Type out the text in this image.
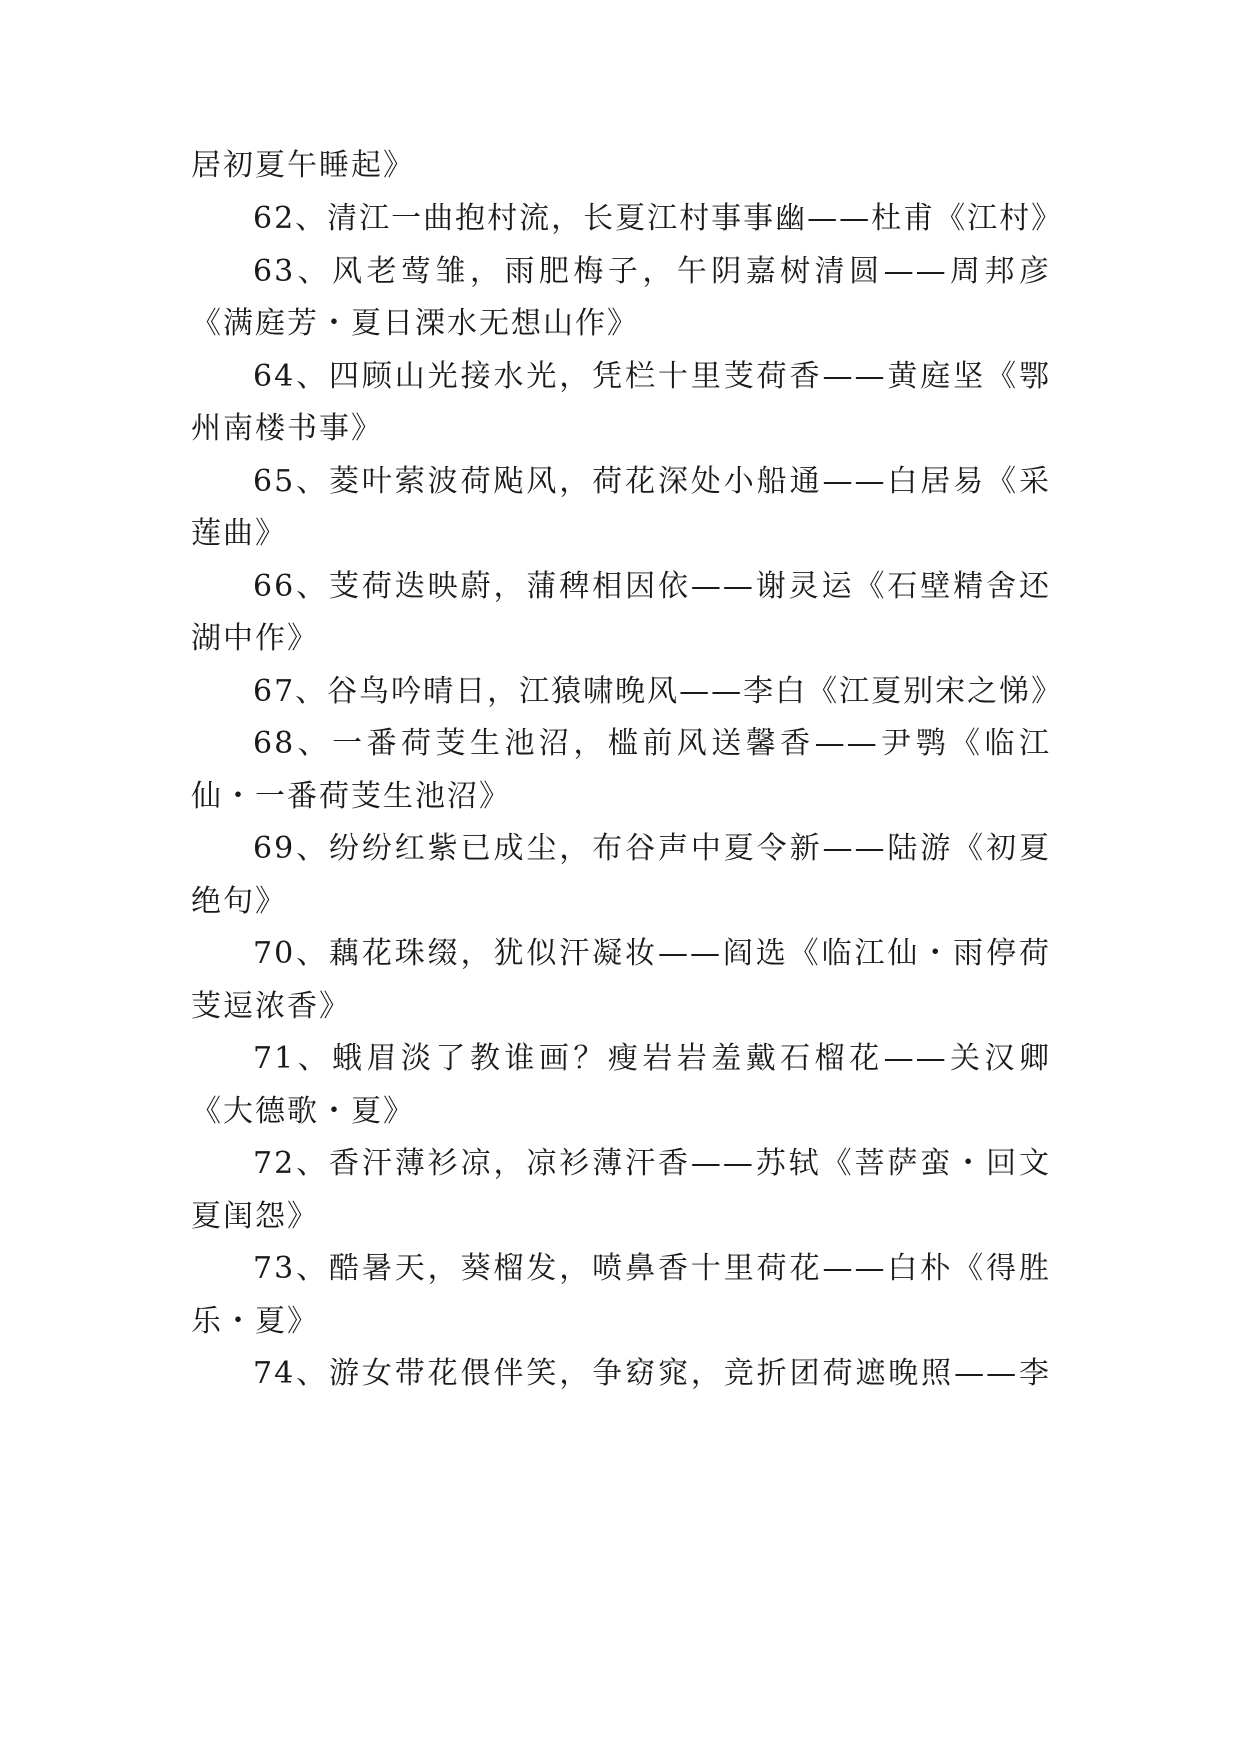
居初夏午睡起》
62、清江一曲抱村流，长夏江村事事幽——杜甫《江村》
63、风老莺雏，雨肥梅子，午阴嘉树清圆——周邦彦
《满庭芳・夏日溧水无想山作》
64、四顾山光接水光，凭栏十里芰荷香——黄庭坚《鄂
州南楼书事》
65、菱叶萦波荷飐风，荷花深处小船通——白居易《采
莲曲》
66、芰荷迭映蔚，蒲稗相因依——谢灵运《石壁精舍还
湖中作》
67、谷鸟吟晴日，江猿啸晚风——李白《江夏别宋之悌》
68、一番荷芰生池沼，槛前风送馨香——尹鹗《临江
仙・一番荷芰生池沼》
69、纷纷红紫已成尘，布谷声中夏令新——陆游《初夏
绝句》
70、藕花珠缀，犹似汗凝妆——阎选《临江仙・雨停荷
芰逗浓香》
71、蛾眉淡了教谁画？瘦岩岩羞戴石榴花——关汉卿
《大德歌・夏》
72、香汗薄衫凉，凉衫薄汗香——苏轼《菩萨蛮・回文
夏闺怨》
73、酷暑天，葵榴发，喷鼻香十里荷花——白朴《得胜
乐・夏》
74、游女带花偎伴笑，争窈窕，竞折团荷遮晚照——李
